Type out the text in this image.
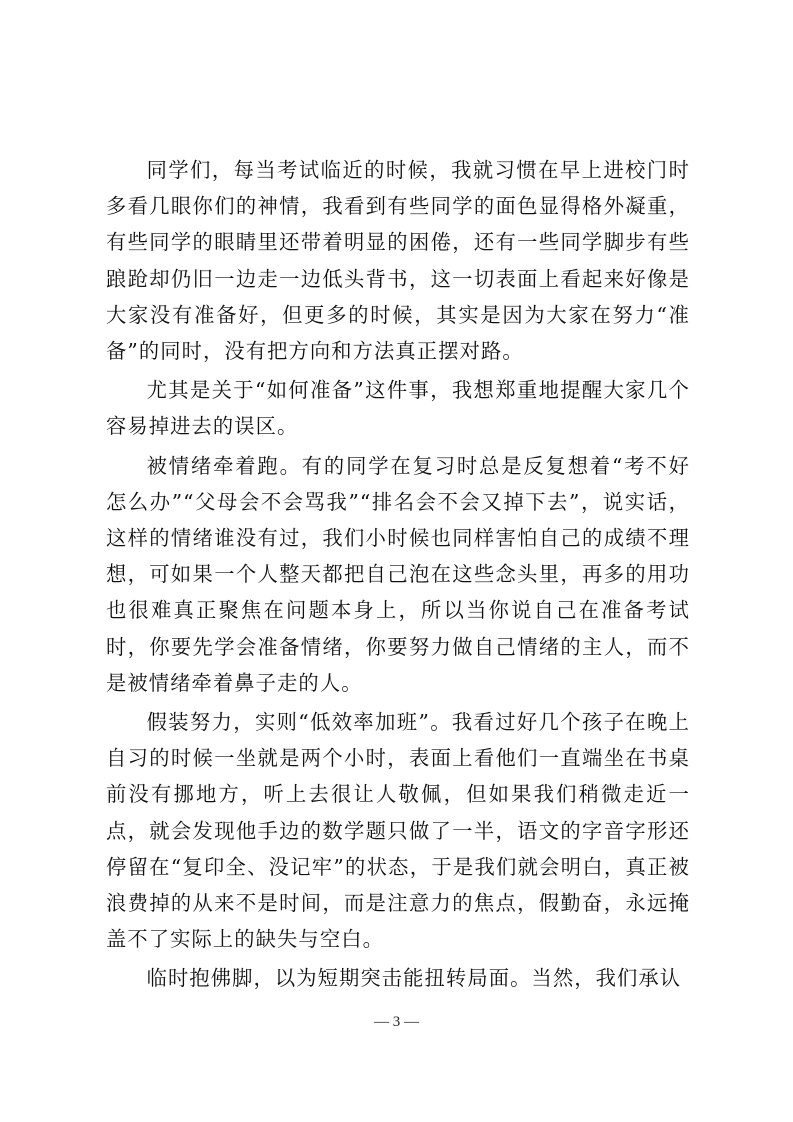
同学们，每当考试临近的时候，我就习惯在早上进校门时多看几眼你们的神情，我看到有些同学的面色显得格外凝重，有些同学的眼睛里还带着明显的困倦，还有一些同学脚步有些踉跄却仍旧一边走一边低头背书，这一切表面上看起来好像是大家没有准备好，但更多的时候，其实是因为大家在努力“准备”的同时，没有把方向和方法真正摆对路。

尤其是关于“如何准备”这件事，我想郑重地提醒大家几个容易掉进去的误区。

被情绪牵着跑。有的同学在复习时总是反复想着“考不好怎么办”“父母会不会骂我”“排名会不会又掉下去”，说实话，这样的情绪谁没有过，我们小时候也同样害怕自己的成绩不理想，可如果一个人整天都把自己泡在这些念头里，再多的用功也很难真正聚焦在问题本身上，所以当你说自己在准备考试时，你要先学会准备情绪，你要努力做自己情绪的主人，而不是被情绪牵着鼻子走的人。

假装努力，实则“低效率加班”。我看过好几个孩子在晚上自习的时候一坐就是两个小时，表面上看他们一直端坐在书桌前没有挪地方，听上去很让人敬佩，但如果我们稍微走近一点，就会发现他手边的数学题只做了一半，语文的字音字形还停留在“复印全、没记牢”的状态，于是我们就会明白，真正被浪费掉的从来不是时间，而是注意力的焦点，假勤奋，永远掩盖不了实际上的缺失与空白。

临时抱佛脚，以为短期突击能扭转局面。当然，我们承认

— 3 —
